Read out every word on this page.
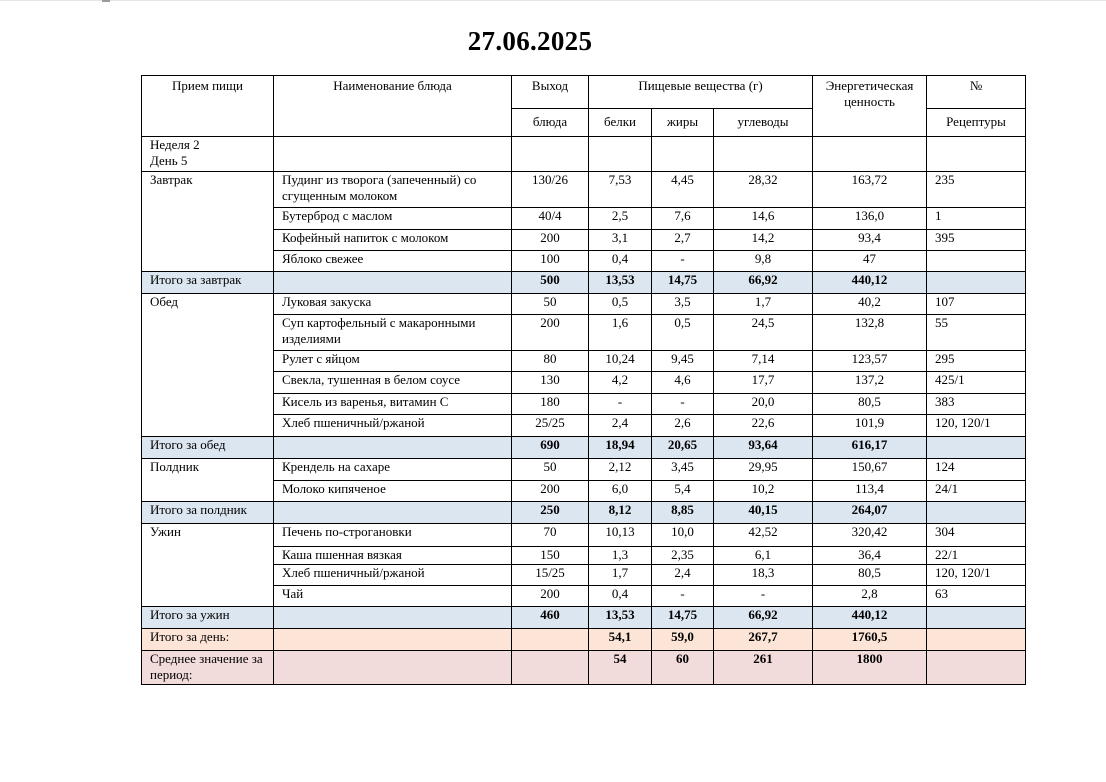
27.06.2025
Прием пищи	Наименование блюда	Выход	Пищевые вещества (г)			Энергетическая ценность	№
		блюда	белки	жиры	углеводы		Рецептуры

Неделя 2
День 5							

Завтрак	Пудинг из творога (запеченный) со сгущенным молоком	130/26	7,53	4,45	28,32	163,72	235
	Бутерброд с маслом	40/4	2,5	7,6	14,6	136,0	1
	Кофейный напиток с молоком	200	3,1	2,7	14,2	93,4	395
	Яблоко свежее	100	0,4	-	9,8	47	
Итого за завтрак		500	13,53	14,75	66,92	440,12	
Обед	Луковая закуска	50	0,5	3,5	1,7	40,2	107
	Суп картофельный с макаронными изделиями	200	1,6	0,5	24,5	132,8	55
	Рулет с яйцом	80	10,24	9,45	7,14	123,57	295
	Свекла, тушенная в белом соусе	130	4,2	4,6	17,7	137,2	425/1
	Кисель из варенья, витамин С	180	-	-	20,0	80,5	383
	Хлеб пшеничный/ржаной	25/25	2,4	2,6	22,6	101,9	120, 120/1
Итого за обед		690	18,94	20,65	93,64	616,17	
Полдник	Крендель на сахаре	50	2,12	3,45	29,95	150,67	124
	Молоко кипяченое	200	6,0	5,4	10,2	113,4	24/1
Итого за полдник		250	8,12	8,85	40,15	264,07	
Ужин	Печень по-строгановки	70	10,13	10,0	42,52	320,42	304
	Каша пшенная вязкая	150	1,3	2,35	6,1	36,4	22/1
	Хлеб пшеничный/ржаной	15/25	1,7	2,4	18,3	80,5	120, 120/1
	Чай	200	0,4	-	-	2,8	63
Итого за ужин		460	13,53	14,75	66,92	440,12	
Итого за день:			54,1	59,0	267,7	1760,5	
Среднее значение за период:			54	60	261	1800	
